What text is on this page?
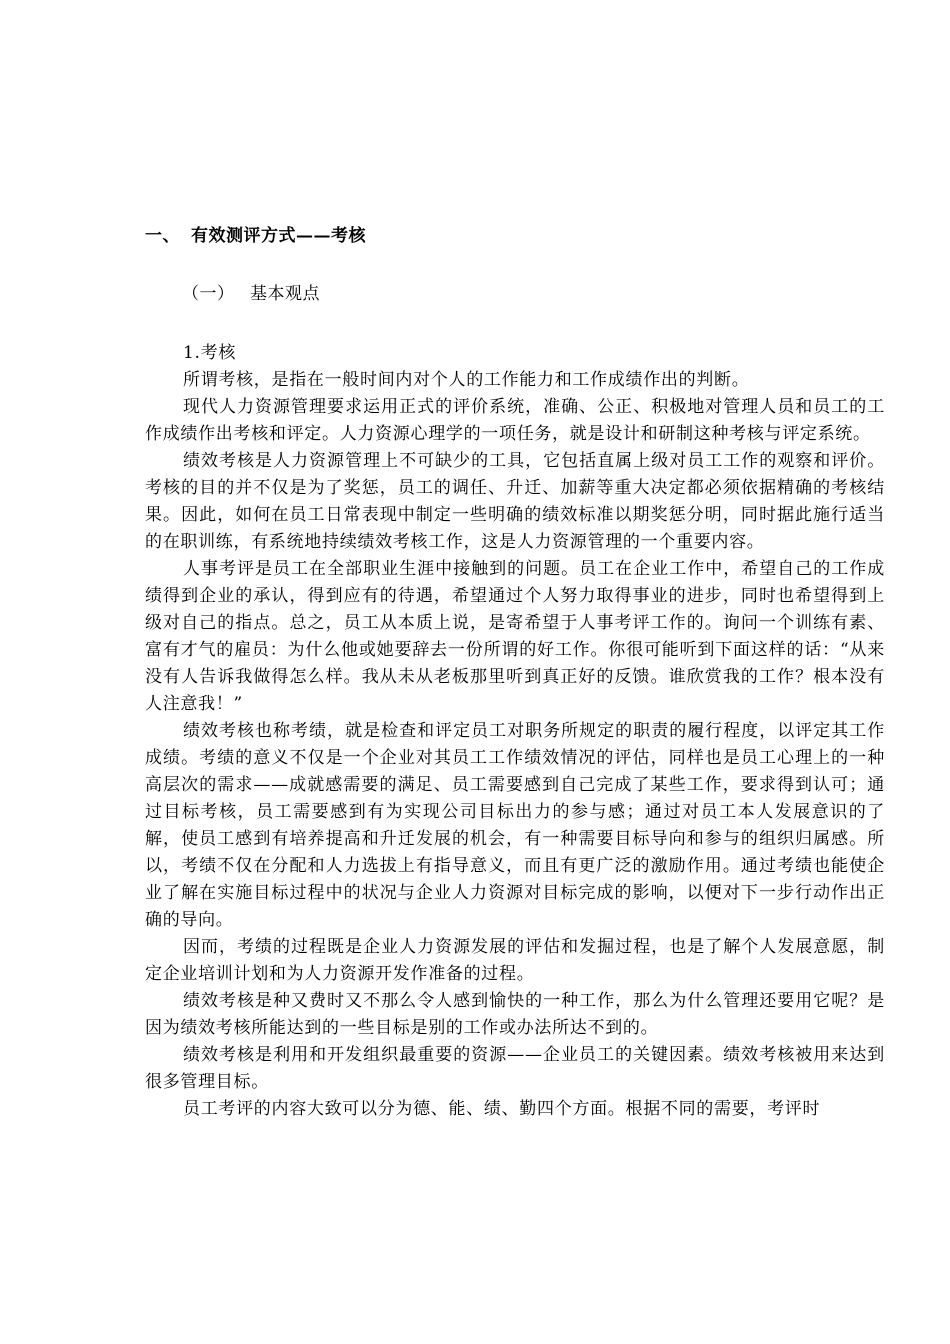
一、 有效测评方式——考核
（一） 基本观点

1.考核

所谓考核，是指在一般时间内对个人的工作能力和工作成绩作出的判断。

现代人力资源管理要求运用正式的评价系统，准确、公正、积极地对管理人员和员工的工作成绩作出考核和评定。人力资源心理学的一项任务，就是设计和研制这种考核与评定系统。

绩效考核是人力资源管理上不可缺少的工具，它包括直属上级对员工工作的观察和评价。考核的目的并不仅是为了奖惩，员工的调任、升迁、加薪等重大决定都必须依据精确的考核结果。因此，如何在员工日常表现中制定一些明确的绩效标准以期奖惩分明，同时据此施行适当的在职训练，有系统地持续绩效考核工作，这是人力资源管理的一个重要内容。

人事考评是员工在全部职业生涯中接触到的问题。员工在企业工作中，希望自己的工作成绩得到企业的承认，得到应有的待遇，希望通过个人努力取得事业的进步，同时也希望得到上级对自己的指点。总之，员工从本质上说，是寄希望于人事考评工作的。询问一个训练有素、富有才气的雇员：为什么他或她要辞去一份所谓的好工作。你很可能听到下面这样的话：“从来没有人告诉我做得怎么样。我从未从老板那里听到真正好的反馈。谁欣赏我的工作？根本没有人注意我！”

绩效考核也称考绩，就是检查和评定员工对职务所规定的职责的履行程度，以评定其工作成绩。考绩的意义不仅是一个企业对其员工工作绩效情况的评估，同样也是员工心理上的一种高层次的需求——成就感需要的满足、员工需要感到自己完成了某些工作，要求得到认可；通过目标考核，员工需要感到有为实现公司目标出力的参与感；通过对员工本人发展意识的了解，使员工感到有培养提高和升迁发展的机会，有一种需要目标导向和参与的组织归属感。所以，考绩不仅在分配和人力选拔上有指导意义，而且有更广泛的激励作用。通过考绩也能使企业了解在实施目标过程中的状况与企业人力资源对目标完成的影响，以便对下一步行动作出正确的导向。

因而，考绩的过程既是企业人力资源发展的评估和发掘过程，也是了解个人发展意愿，制定企业培训计划和为人力资源开发作准备的过程。

绩效考核是种又费时又不那么令人感到愉快的一种工作，那么为什么管理还要用它呢？是因为绩效考核所能达到的一些目标是别的工作或办法所达不到的。

绩效考核是利用和开发组织最重要的资源——企业员工的关键因素。绩效考核被用来达到很多管理目标。

员工考评的内容大致可以分为德、能、绩、勤四个方面。根据不同的需要，考评时
